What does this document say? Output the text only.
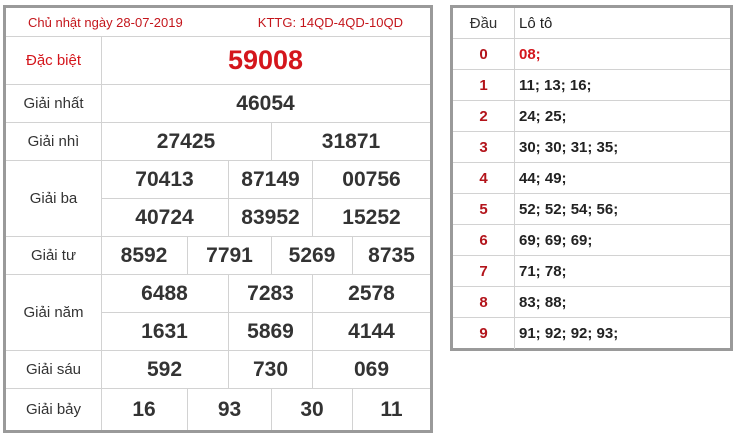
Chủ nhật ngày 28-07-2019	KTTG: 14QD-4QD-10QD
Đặc biệt	59008
Giải nhất	46054
Giải nhì	27425	31871
Giải ba
70413	87149	00756
40724	83952	15252
Giải tư	8592	7791	5269	8735
Giải năm
6488	7283	2578
1631	5869	4144
Giải sáu	592	730	069
Giải bảy	16	93	30	11
Đầu	Lô tô
0	08;
1	11; 13; 16;
2	24; 25;
3	30; 30; 31; 35;
4	44; 49;
5	52; 52; 54; 56;
6	69; 69; 69;
7	71; 78;
8	83; 88;
9	91; 92; 92; 93;
